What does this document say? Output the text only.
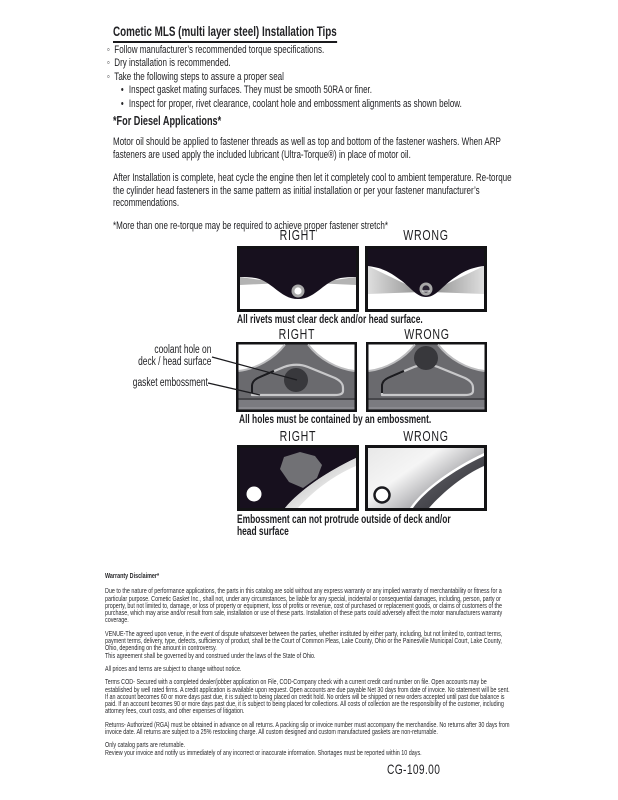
Cometic MLS (multi layer steel) Installation Tips
◦ Follow manufacturer’s recommended torque specifications.
◦ Dry installation is recommended.
◦ Take the following steps to assure a proper seal
• Inspect gasket mating surfaces. They must be smooth 50RA or finer.
• Inspect for proper, rivet clearance, coolant hole and embossment alignments as shown below.
*For Diesel Applications*

Motor oil should be applied to fastener threads as well as top and bottom of the fastener washers. When ARP fasteners are used apply the included lubricant (Ultra-Torque®) in place of motor oil.

After Installation is complete, heat cycle the engine then let it completely cool to ambient temperature. Re-torque the cylinder head fasteners in the same pattern as initial installation or per your fastener manufacturer’s recommendations.

*More than one re-torque may be required to achieve proper fastener stretch*

RIGHT	WRONG
All rivets must clear deck and/or head surface.
RIGHT	WRONG
coolant hole on
deck / head surface
gasket embossment
All holes must be contained by an embossment.
RIGHT	WRONG
Embossment can not protrude outside of deck and/or head surface
Warranty Disclaimer*

Due to the nature of performance applications, the parts in this catalog are sold without any express warranty or any implied warranty of merchantability or fitness for a particular purpose. Cometic Gasket Inc., shall not, under any circumstances, be liable for any special, incidental or consequential damages, including, person, party or property, but not limited to, damage, or loss of property or equipment, loss of profits or revenue, cost of purchased or replacement goods, or claims of customers of the purchase, which may arise and/or result from sale, installation or use of these parts. Installation of these parts could adversely affect the motor manufacturers warranty coverage.

VENUE-The agreed upon venue, in the event of dispute whatsoever between the parties, whether instituted by either party, including, but not limited to, contract terms, payment terms, delivery, type, defects, sufficiency of product, shall be the Court of Common Pleas, Lake County, Ohio or the Painesville Municipal Court, Lake County, Ohio, depending on the amount in controversy.

This agreement shall be governed by and construed under the laws of the State of Ohio.

All prices and terms are subject to change without notice.

Terms COD- Secured with a completed dealer/jobber application on File, COD-Company check with a current credit card number on file. Open accounts may be established by well rated firms. A credit application is available upon request. Open accounts are due payable Net 30 days from date of invoice. No statement will be sent. If an account becomes 60 or more days past due, it is subject to being placed on credit hold. No orders will be shipped or new orders accepted until past due balance is paid. If an account becomes 90 or more days past due, it is subject to being placed for collections. All costs of collection are the responsibility of the customer, including attorney fees, court costs, and other expenses of litigation.

Returns- Authorized (RGA) must be obtained in advance on all returns. A packing slip or invoice number must accompany the merchandise. No returns after 30 days from invoice date. All returns are subject to a 25% restocking charge. All custom designed and custom manufactured gaskets are non-returnable.

Only catalog parts are returnable.

Review your invoice and notify us immediately of any incorrect or inaccurate information. Shortages must be reported within 10 days.

CG-109.00
